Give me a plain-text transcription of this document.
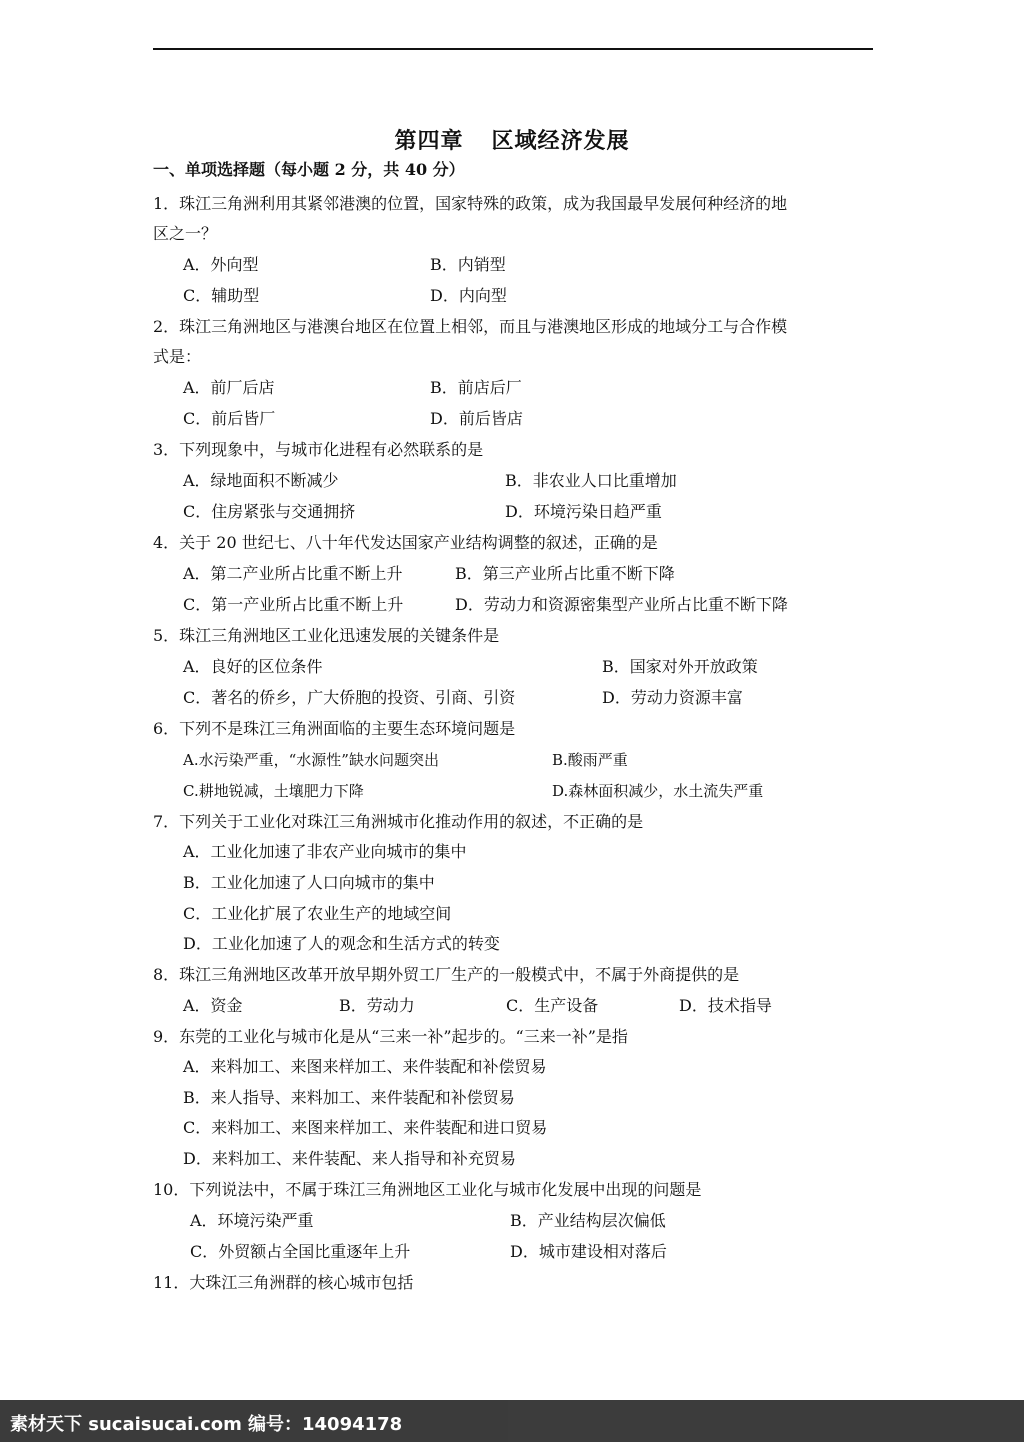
第四章 区域经济发展
一、单项选择题（每小题 2 分，共 40 分）
1．珠江三角洲利用其紧邻港澳的位置，国家特殊的政策，成为我国最早发展何种经济的地
区之一？
A．外向型	B．内销型
C．辅助型	D．内向型
2．珠江三角洲地区与港澳台地区在位置上相邻，而且与港澳地区形成的地域分工与合作模
式是：
A．前厂后店	B．前店后厂
C．前后皆厂	D．前后皆店
3．下列现象中，与城市化进程有必然联系的是
A．绿地面积不断减少	B．非农业人口比重增加
C．住房紧张与交通拥挤	D．环境污染日趋严重
4．关于 20 世纪七、八十年代发达国家产业结构调整的叙述，正确的是
A．第二产业所占比重不断上升	B．第三产业所占比重不断下降
C．第一产业所占比重不断上升	D．劳动力和资源密集型产业所占比重不断下降
5．珠江三角洲地区工业化迅速发展的关键条件是
A．良好的区位条件	B．国家对外开放政策
C．著名的侨乡，广大侨胞的投资、引商、引资	D．劳动力资源丰富
6．下列不是珠江三角洲面临的主要生态环境问题是
A.水污染严重，“水源性”缺水问题突出	B.酸雨严重
C.耕地锐减，土壤肥力下降	D.森林面积减少，水土流失严重
7．下列关于工业化对珠江三角洲城市化推动作用的叙述，不正确的是
A．工业化加速了非农产业向城市的集中
B．工业化加速了人口向城市的集中
C．工业化扩展了农业生产的地域空间
D．工业化加速了人的观念和生活方式的转变
8．珠江三角洲地区改革开放早期外贸工厂生产的一般模式中，不属于外商提供的是
A．资金	B．劳动力	C．生产设备	D．技术指导
9．东莞的工业化与城市化是从“三来一补”起步的。“三来一补”是指
A．来料加工、来图来样加工、来件装配和补偿贸易
B．来人指导、来料加工、来件装配和补偿贸易
C．来料加工、来图来样加工、来件装配和进口贸易
D．来料加工、来件装配、来人指导和补充贸易
10．下列说法中，不属于珠江三角洲地区工业化与城市化发展中出现的问题是
A．环境污染严重	B．产业结构层次偏低
C．外贸额占全国比重逐年上升	D．城市建设相对落后
11．大珠江三角洲群的核心城市包括
素材天下 sucaisucai.com 编号：14094178
